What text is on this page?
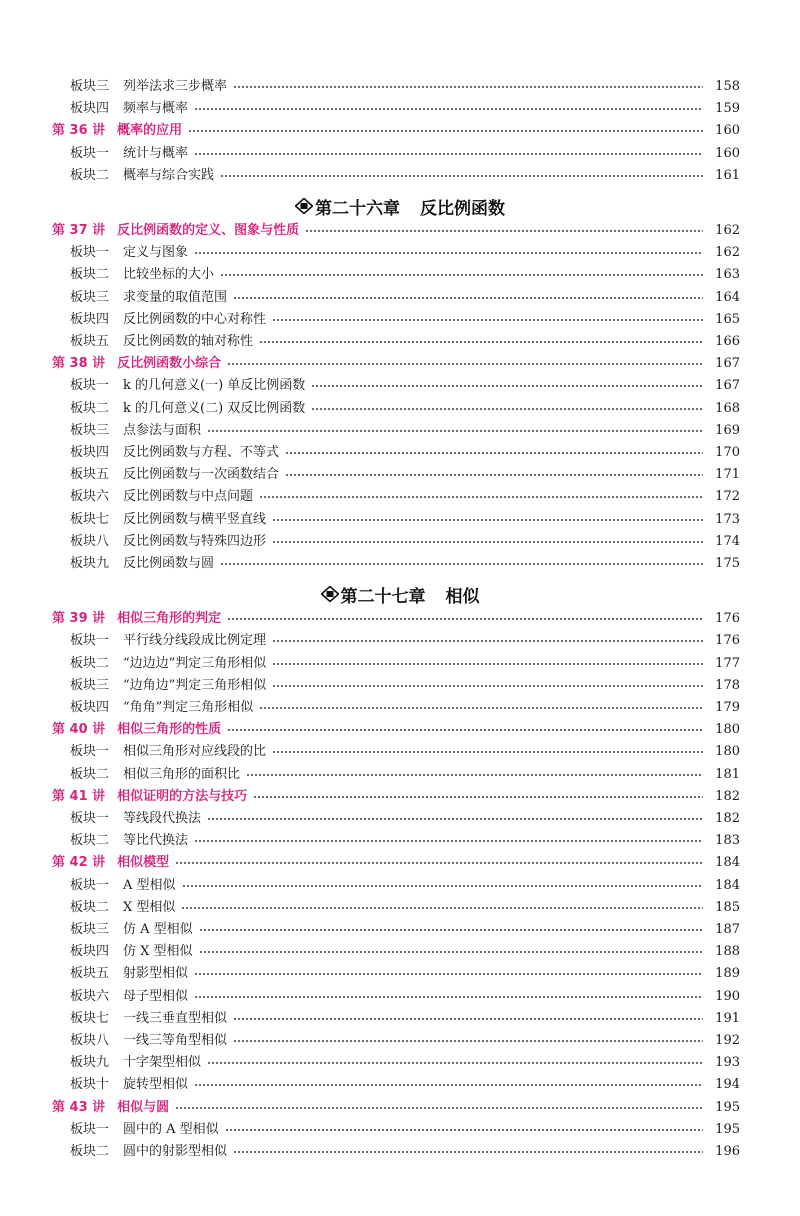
板块三 列举法求三步概率	158
板块四 频率与概率	159
第 36 讲 概率的应用	160
板块一 统计与概率	160
板块二 概率与综合实践	161
第二十六章 反比例函数
第 37 讲 反比例函数的定义、图象与性质	162
板块一 定义与图象	162
板块二 比较坐标的大小	163
板块三 求变量的取值范围	164
板块四 反比例函数的中心对称性	165
板块五 反比例函数的轴对称性	166
第 38 讲 反比例函数小综合	167
板块一 k 的几何意义(一) 单反比例函数	167
板块二 k 的几何意义(二) 双反比例函数	168
板块三 点参法与面积	169
板块四 反比例函数与方程、不等式	170
板块五 反比例函数与一次函数结合	171
板块六 反比例函数与中点问题	172
板块七 反比例函数与横平竖直线	173
板块八 反比例函数与特殊四边形	174
板块九 反比例函数与圆	175
第二十七章 相似
第 39 讲 相似三角形的判定	176
板块一 平行线分线段成比例定理	176
板块二 “边边边”判定三角形相似	177
板块三 “边角边”判定三角形相似	178
板块四 “角角”判定三角形相似	179
第 40 讲 相似三角形的性质	180
板块一 相似三角形对应线段的比	180
板块二 相似三角形的面积比	181
第 41 讲 相似证明的方法与技巧	182
板块一 等线段代换法	182
板块二 等比代换法	183
第 42 讲 相似模型	184
板块一 A 型相似	184
板块二 X 型相似	185
板块三 仿 A 型相似	187
板块四 仿 X 型相似	188
板块五 射影型相似	189
板块六 母子型相似	190
板块七 一线三垂直型相似	191
板块八 一线三等角型相似	192
板块九 十字架型相似	193
板块十 旋转型相似	194
第 43 讲 相似与圆	195
板块一 圆中的 A 型相似	195
板块二 圆中的射影型相似	196
